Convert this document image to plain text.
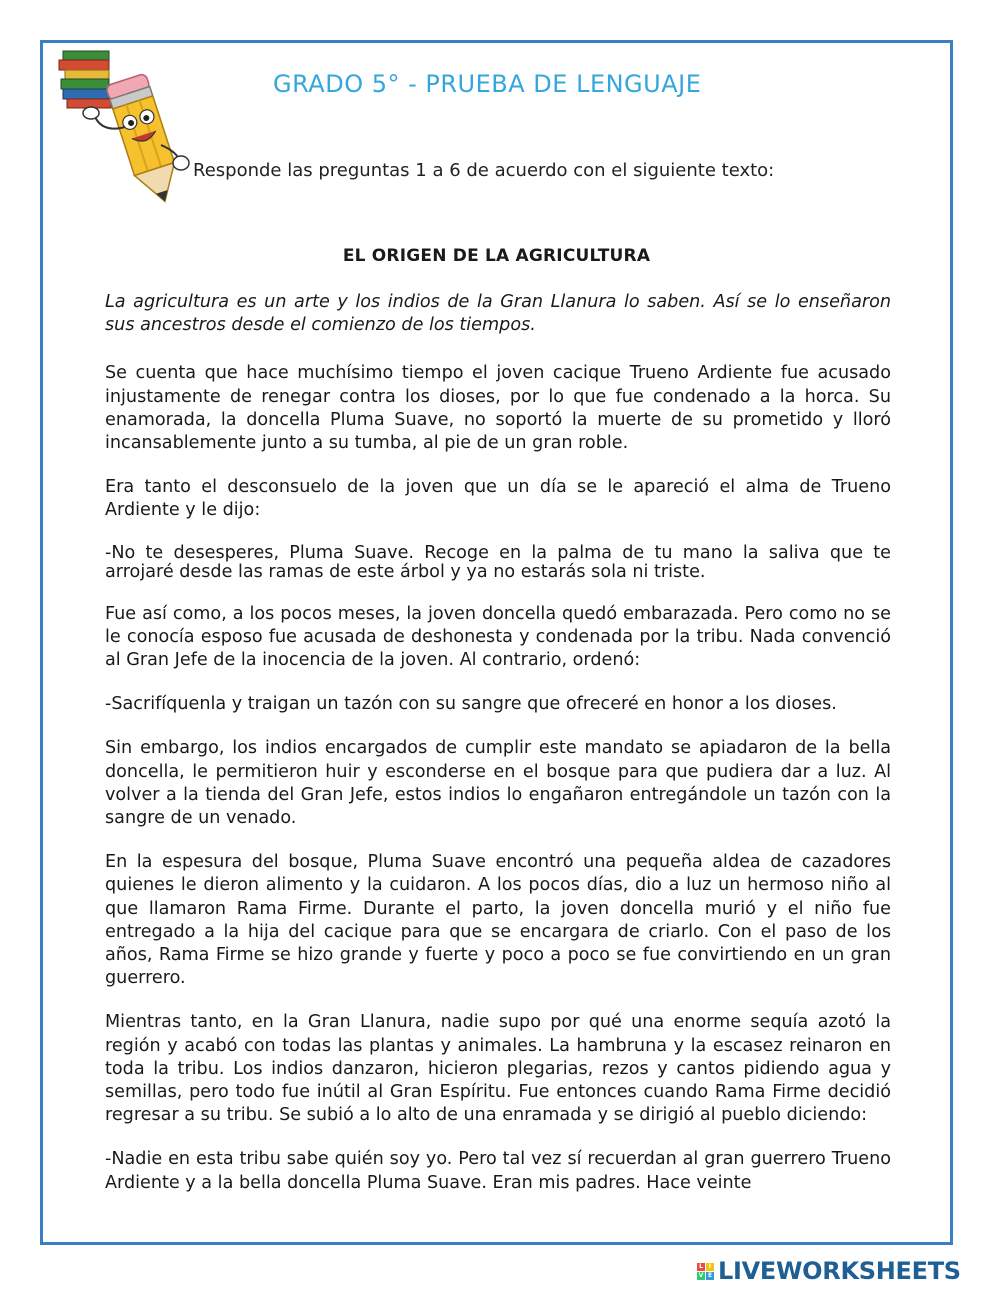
GRADO 5° - PRUEBA DE LENGUAJE
Responde las preguntas 1 a 6 de acuerdo con el siguiente texto:
EL ORIGEN DE LA AGRICULTURA

La agricultura es un arte y los indios de la Gran Llanura lo saben. Así se lo enseñaron sus ancestros desde el comienzo de los tiempos.

Se cuenta que hace muchísimo tiempo el joven cacique Trueno Ardiente fue acusado injustamente de renegar contra los dioses, por lo que fue condenado a la horca. Su enamorada, la doncella Pluma Suave, no soportó la muerte de su prometido y lloró incansablemente junto a su tumba, al pie de un gran roble.

Era tanto el desconsuelo de la joven que un día se le apareció el alma de Trueno Ardiente y le dijo:

-No te desesperes, Pluma Suave. Recoge en la palma de tu mano la saliva que te arrojaré desde las ramas de este árbol y ya no estarás sola ni triste.

Fue así como, a los pocos meses, la joven doncella quedó embarazada. Pero como no se le conocía esposo fue acusada de deshonesta y condenada por la tribu. Nada convenció al Gran Jefe de la inocencia de la joven. Al contrario, ordenó:

-Sacrifíquenla y traigan un tazón con su sangre que ofreceré en honor a los dioses.

Sin embargo, los indios encargados de cumplir este mandato se apiadaron de la bella doncella, le permitieron huir y esconderse en el bosque para que pudiera dar a luz. Al volver a la tienda del Gran Jefe, estos indios lo engañaron entregándole un tazón con la sangre de un venado.

En la espesura del bosque, Pluma Suave encontró una pequeña aldea de cazadores quienes le dieron alimento y la cuidaron. A los pocos días, dio a luz un hermoso niño al que llamaron Rama Firme. Durante el parto, la joven doncella murió y el niño fue entregado a la hija del cacique para que se encargara de criarlo. Con el paso de los años, Rama Firme se hizo grande y fuerte y poco a poco se fue convirtiendo en un gran guerrero.

Mientras tanto, en la Gran Llanura, nadie supo por qué una enorme sequía azotó la región y acabó con todas las plantas y animales. La hambruna y la escasez reinaron en toda la tribu. Los indios danzaron, hicieron plegarias, rezos y cantos pidiendo agua y semillas, pero todo fue inútil al Gran Espíritu. Fue entonces cuando Rama Firme decidió regresar a su tribu. Se subió a lo alto de una enramada y se dirigió al pueblo diciendo:

-Nadie en esta tribu sabe quién soy yo. Pero tal vez sí recuerdan al gran guerrero Trueno Ardiente y a la bella doncella Pluma Suave. Eran mis padres. Hace veinte

L I
V E LIVEWORKSHEETS
